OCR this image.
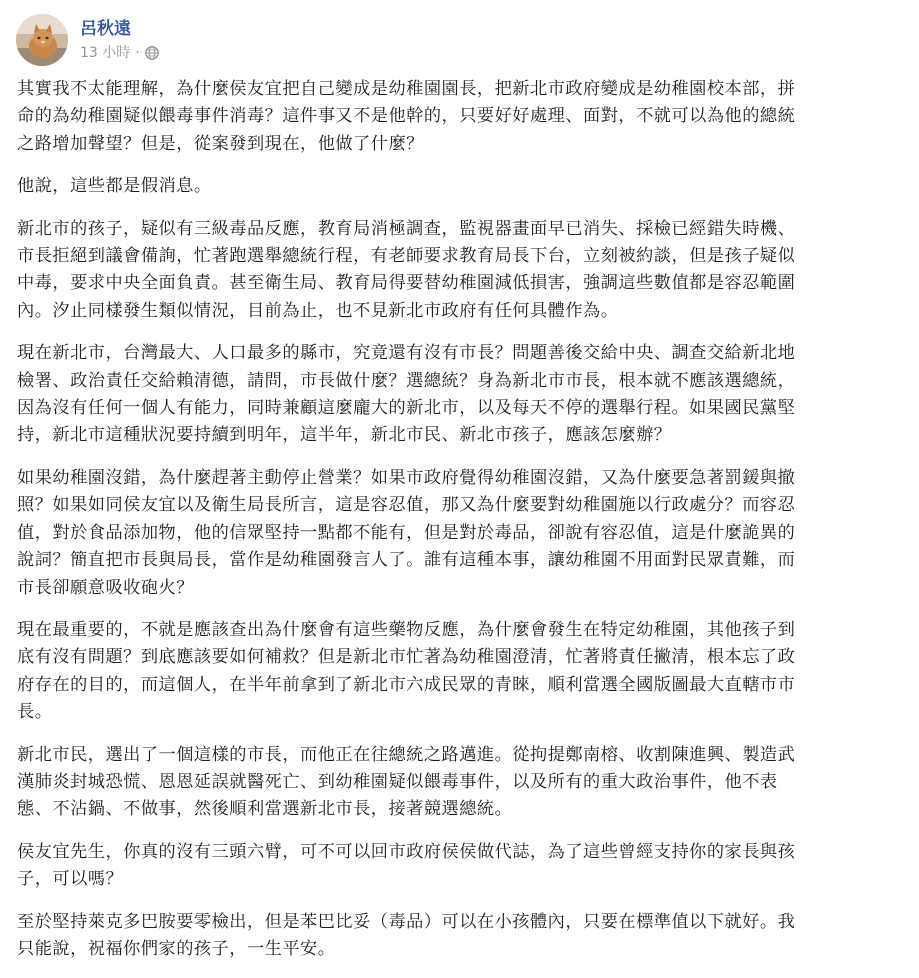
呂秋遠
13 小時 ·

其實我不太能理解，為什麼侯友宜把自己變成是幼稚園園長，把新北市政府變成是幼稚園校本部，拼
命的為幼稚園疑似餵毒事件消毒？這件事又不是他幹的，只要好好處理、面對，不就可以為他的總統
之路增加聲望？但是，從案發到現在，他做了什麼？

他說，這些都是假消息。

新北市的孩子，疑似有三級毒品反應，教育局消極調查，監視器畫面早已消失、採檢已經錯失時機、
市長拒絕到議會備詢，忙著跑選舉總統行程，有老師要求教育局長下台，立刻被約談，但是孩子疑似
中毒，要求中央全面負責。甚至衛生局、教育局得要替幼稚園減低損害，強調這些數值都是容忍範圍
內。汐止同樣發生類似情況，目前為止，也不見新北市政府有任何具體作為。

現在新北市，台灣最大、人口最多的縣市，究竟還有沒有市長？問題善後交給中央、調查交給新北地
檢署、政治責任交給賴清德，請問，市長做什麼？選總統？身為新北市市長，根本就不應該選總統，
因為沒有任何一個人有能力，同時兼顧這麼龐大的新北市，以及每天不停的選舉行程。如果國民黨堅
持，新北市這種狀況要持續到明年，這半年，新北市民、新北市孩子，應該怎麼辦？

如果幼稚園沒錯，為什麼趕著主動停止營業？如果市政府覺得幼稚園沒錯，又為什麼要急著罰鍰與撤
照？如果如同侯友宜以及衛生局長所言，這是容忍值，那又為什麼要對幼稚園施以行政處分？而容忍
值，對於食品添加物，他的信眾堅持一點都不能有，但是對於毒品，卻說有容忍值，這是什麼詭異的
說詞？簡直把市長與局長，當作是幼稚園發言人了。誰有這種本事，讓幼稚園不用面對民眾責難，而
市長卻願意吸收砲火？

現在最重要的，不就是應該查出為什麼會有這些藥物反應，為什麼會發生在特定幼稚園，其他孩子到
底有沒有問題？到底應該要如何補救？但是新北市忙著為幼稚園澄清，忙著將責任撇清，根本忘了政
府存在的目的，而這個人，在半年前拿到了新北市六成民眾的青睞，順利當選全國版圖最大直轄市市
長。

新北市民，選出了一個這樣的市長，而他正在往總統之路邁進。從拘提鄭南榕、收割陳進興、製造武
漢肺炎封城恐慌、恩恩延誤就醫死亡、到幼稚園疑似餵毒事件，以及所有的重大政治事件，他不表
態、不沾鍋、不做事，然後順利當選新北市長，接著競選總統。

侯友宜先生，你真的沒有三頭六臂，可不可以回市政府侯侯做代誌，為了這些曾經支持你的家長與孩
子，可以嗎？

至於堅持萊克多巴胺要零檢出，但是苯巴比妥（毒品）可以在小孩體內，只要在標準值以下就好。我
只能說，祝福你們家的孩子，一生平安。
